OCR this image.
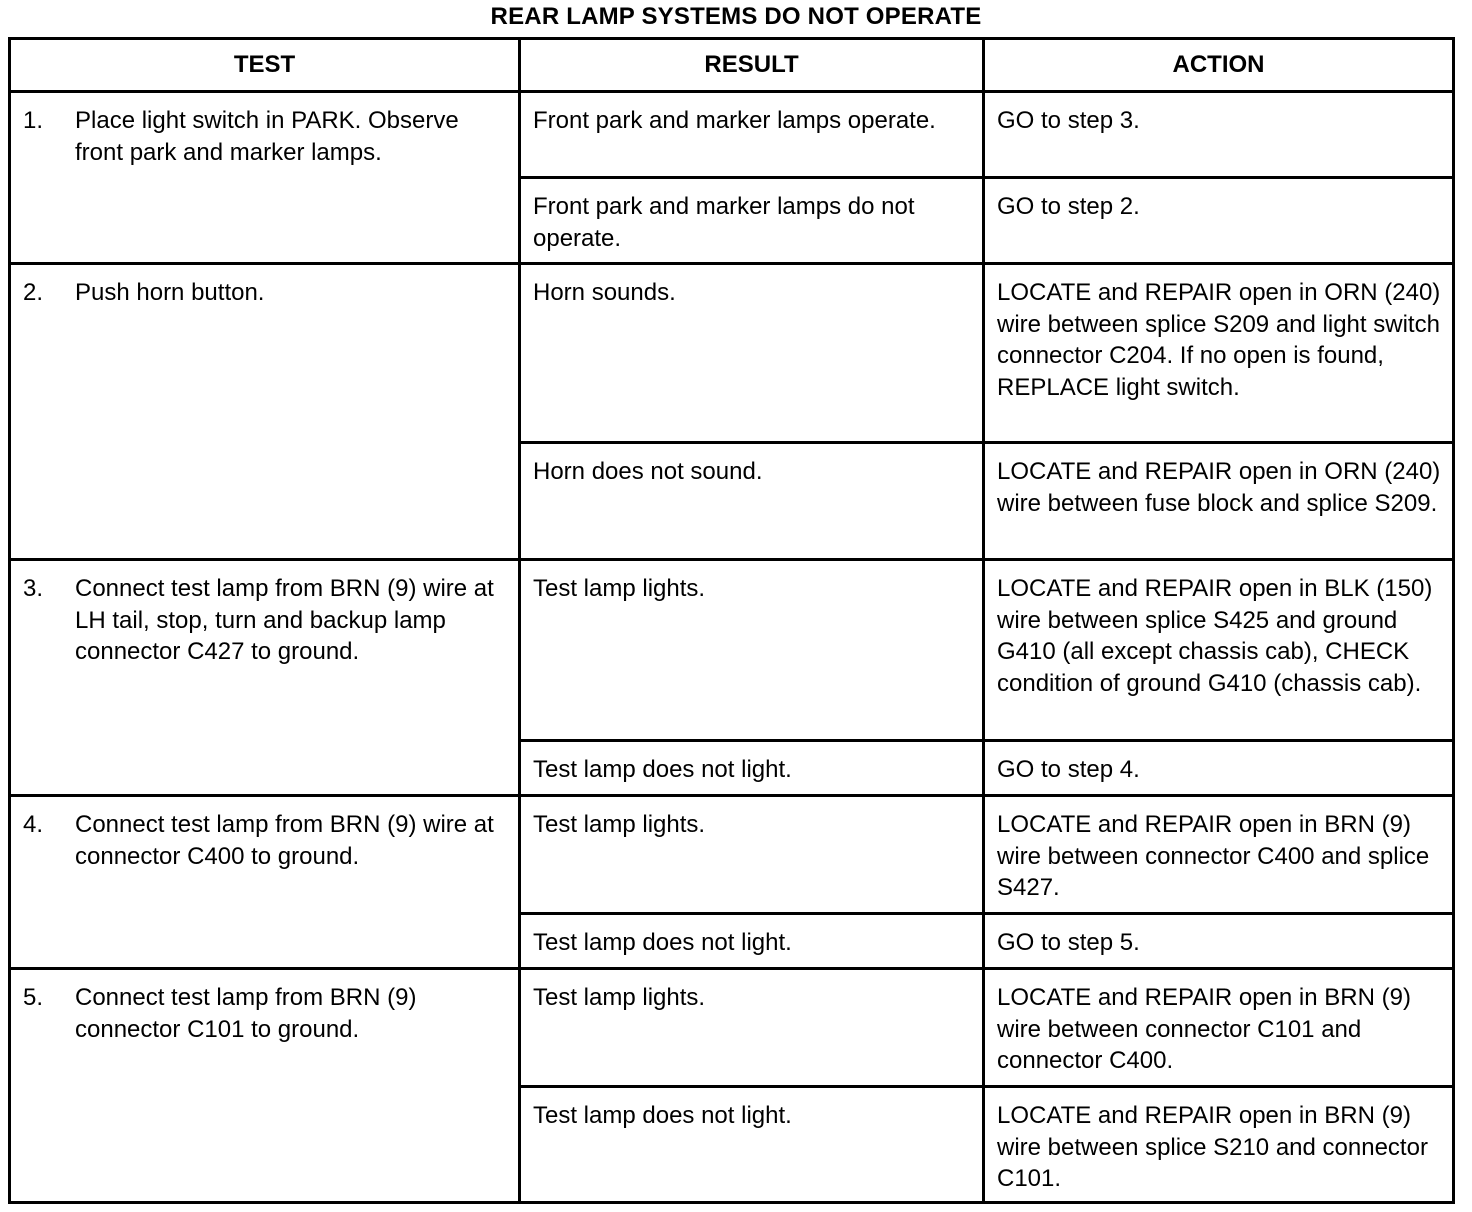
REAR LAMP SYSTEMS DO NOT OPERATE
TEST	RESULT	ACTION

1. Place light switch in PARK. Observe front park and marker lamps.	Front park and marker lamps operate.	GO to step 3.
	Front park and marker lamps do not operate.	GO to step 2.

2. Push horn button.	Horn sounds.	LOCATE and REPAIR open in ORN (240) wire between splice S209 and light switch connector C204. If no open is found, REPLACE light switch.
	Horn does not sound.	LOCATE and REPAIR open in ORN (240) wire between fuse block and splice S209.

3. Connect test lamp from BRN (9) wire at LH tail, stop, turn and backup lamp connector C427 to ground.	Test lamp lights.	LOCATE and REPAIR open in BLK (150) wire between splice S425 and ground G410 (all except chassis cab), CHECK condition of ground G410 (chassis cab).
	Test lamp does not light.	GO to step 4.

4. Connect test lamp from BRN (9) wire at connector C400 to ground.	Test lamp lights.	LOCATE and REPAIR open in BRN (9) wire between connector C400 and splice S427.
	Test lamp does not light.	GO to step 5.

5. Connect test lamp from BRN (9) connector C101 to ground.	Test lamp lights.	LOCATE and REPAIR open in BRN (9) wire between connector C101 and connector C400.
	Test lamp does not light.	LOCATE and REPAIR open in BRN (9) wire between splice S210 and connector C101.
